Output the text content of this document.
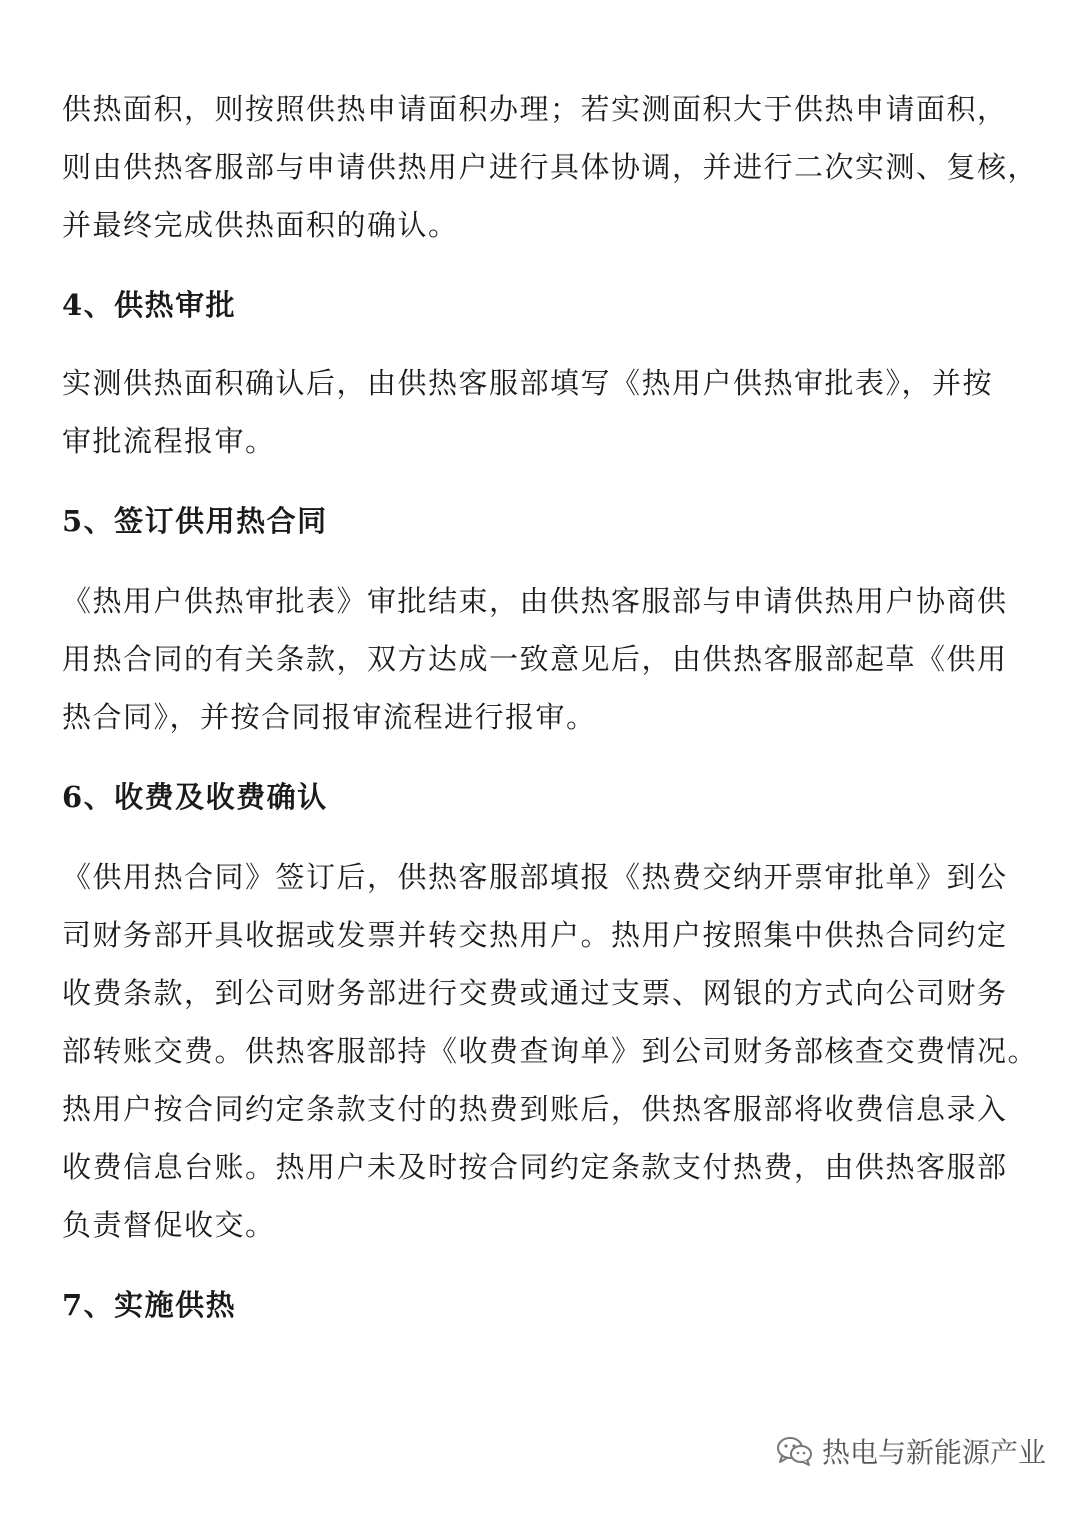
供热面积，则按照供热申请面积办理；若实测面积大于供热申请面积，
则由供热客服部与申请供热用户进行具体协调，并进行二次实测、复核，
并最终完成供热面积的确认。

4、供热审批

实测供热面积确认后，由供热客服部填写《热用户供热审批表》，并按
审批流程报审。

5、签订供用热合同

《热用户供热审批表》审批结束，由供热客服部与申请供热用户协商供
用热合同的有关条款，双方达成一致意见后，由供热客服部起草《供用
热合同》，并按合同报审流程进行报审。

6、收费及收费确认

《供用热合同》签订后，供热客服部填报《热费交纳开票审批单》到公
司财务部开具收据或发票并转交热用户。热用户按照集中供热合同约定
收费条款，到公司财务部进行交费或通过支票、网银的方式向公司财务
部转账交费。供热客服部持《收费查询单》到公司财务部核查交费情况。
热用户按合同约定条款支付的热费到账后，供热客服部将收费信息录入
收费信息台账。热用户未及时按合同约定条款支付热费，由供热客服部
负责督促收交。

7、实施供热
热电与新能源产业
